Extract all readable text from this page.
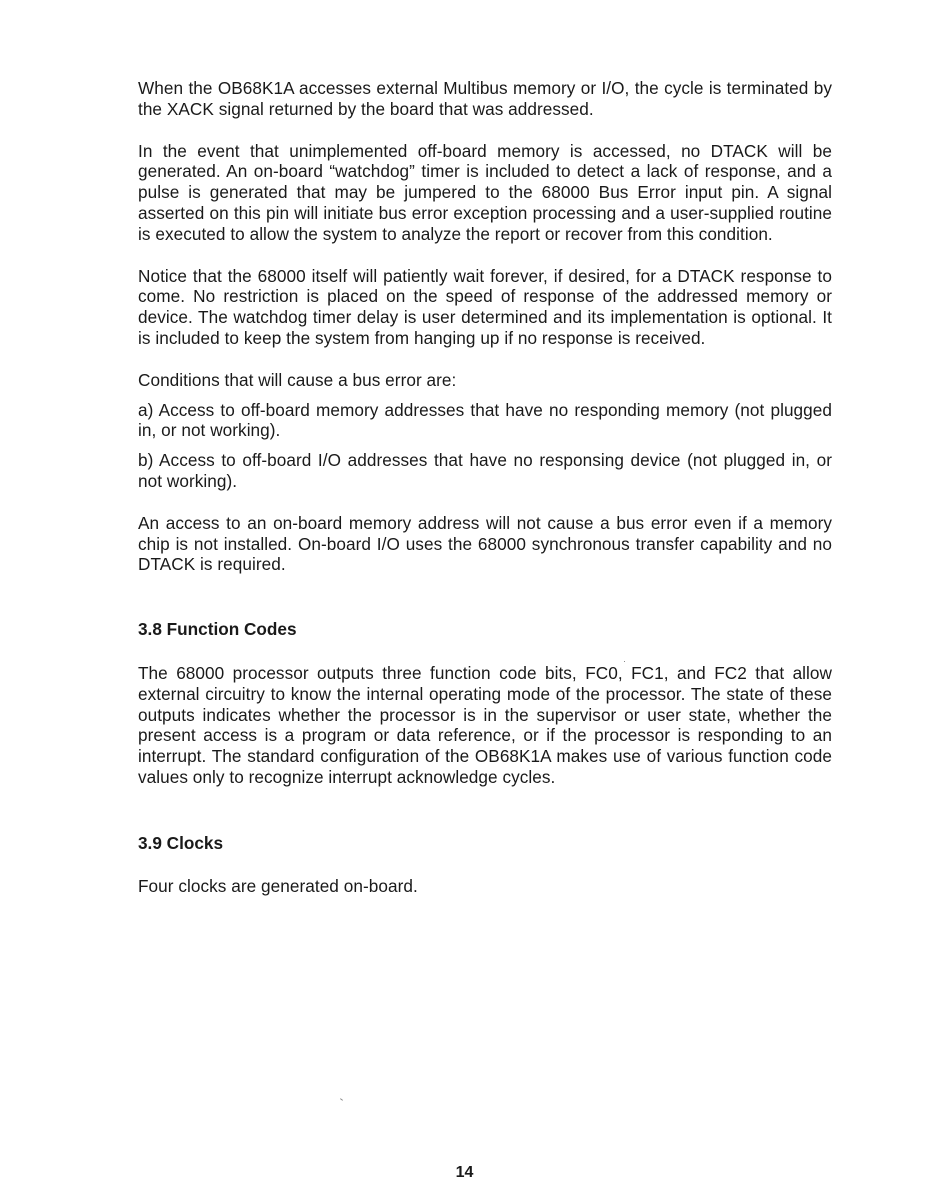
When the OB68K1A accesses external Multibus memory or I/O, the cycle is terminated by the XACK signal returned by the board that was addressed.

In the event that unimplemented off-board memory is accessed, no DTACK will be generated. An on-board “watchdog” timer is included to detect a lack of response, and a pulse is generated that may be jumpered to the 68000 Bus Error input pin. A signal asserted on this pin will initiate bus error exception processing and a user-supplied routine is executed to allow the system to analyze the report or recover from this condition.

Notice that the 68000 itself will patiently wait forever, if desired, for a DTACK response to come. No restriction is placed on the speed of response of the addressed memory or device. The watchdog timer delay is user determined and its implementation is optional. It is included to keep the system from hanging up if no response is received.

Conditions that will cause a bus error are:

a) Access to off-board memory addresses that have no responding memory (not plugged in, or not working).

b) Access to off-board I/O addresses that have no responsing device (not plugged in, or not working).

An access to an on-board memory address will not cause a bus error even if a memory chip is not installed. On-board I/O uses the 68000 synchronous transfer capability and no DTACK is required.

3.8 Function Codes

The 68000 processor outputs three function code bits, FC0, FC1, and FC2 that allow external circuitry to know the internal operating mode of the processor. The state of these outputs indicates whether the processor is in the supervisor or user state, whether the present access is a program or data reference, or if the processor is responding to an interrupt. The standard configuration of the OB68K1A makes use of various function code values only to recognize interrupt acknowledge cycles.

3.9 Clocks

Four clocks are generated on-board.

14
